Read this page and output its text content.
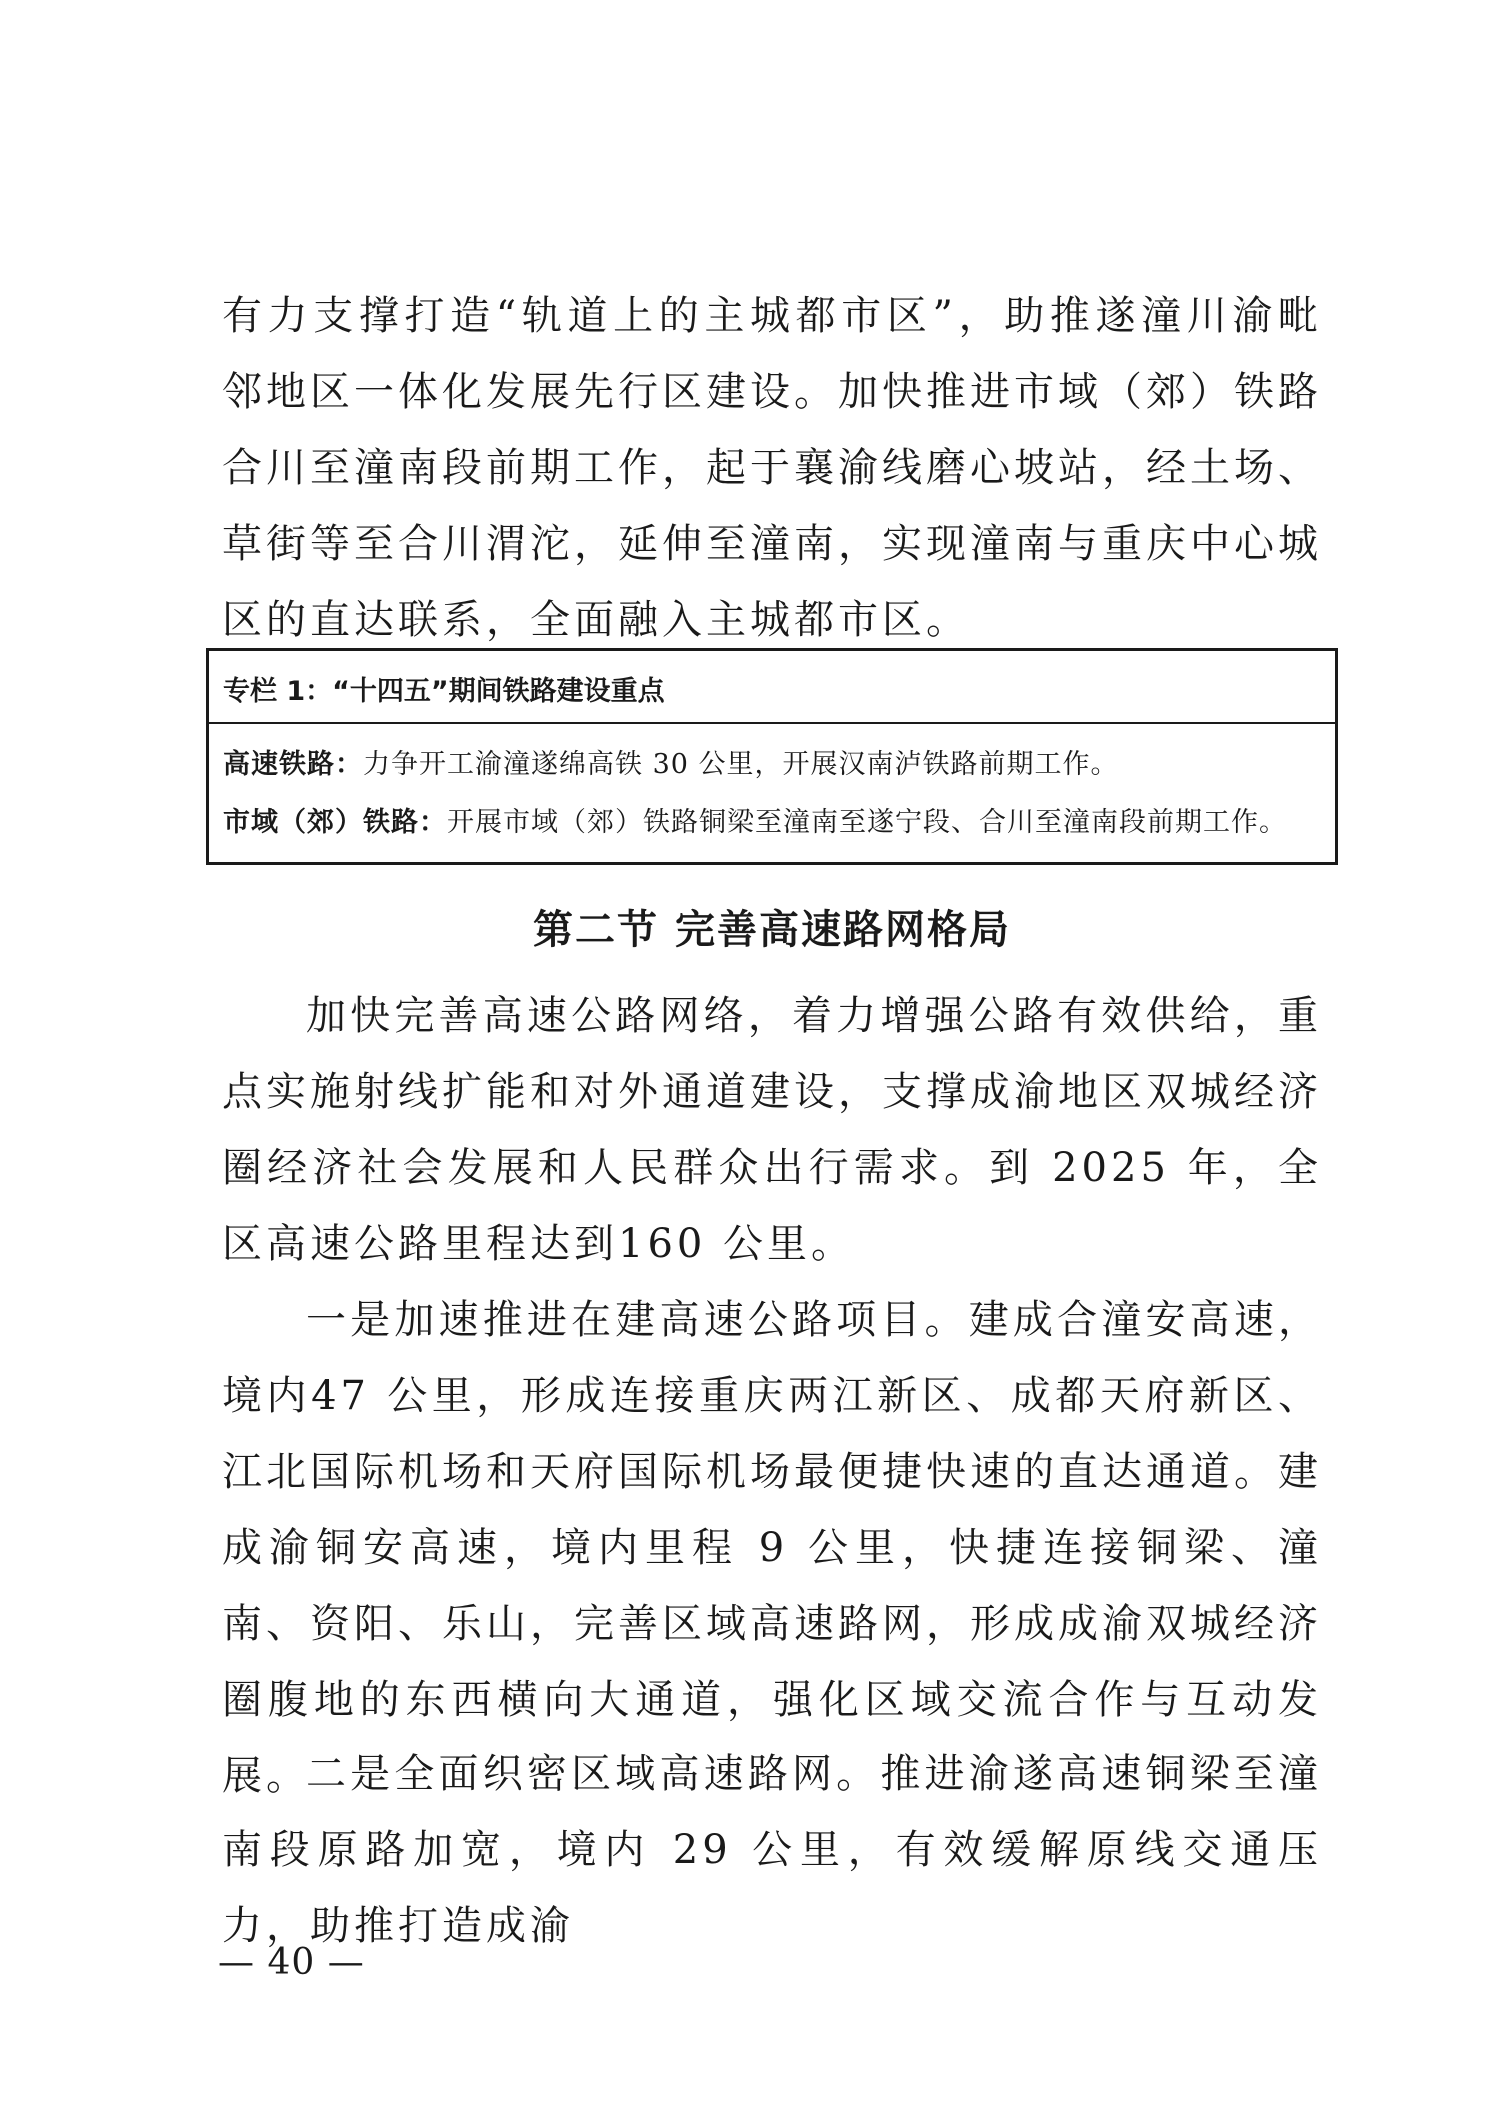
有力支撑打造“轨道上的主城都市区”，助推遂潼川渝毗邻地区一体化发展先行区建设。加快推进市域（郊）铁路合川至潼南段前期工作，起于襄渝线磨心坡站，经土场、草街等至合川渭沱，延伸至潼南，实现潼南与重庆中心城区的直达联系，全面融入主城都市区。

专栏 1：“十四五”期间铁路建设重点
高速铁路：力争开工渝潼遂绵高铁 30 公里，开展汉南泸铁路前期工作。
市域（郊）铁路：开展市域（郊）铁路铜梁至潼南至遂宁段、合川至潼南段前期工作。
第二节 完善高速路网格局

加快完善高速公路网络，着力增强公路有效供给，重点实施射线扩能和对外通道建设，支撑成渝地区双城经济圈经济社会发展和人民群众出行需求。到 2025 年，全区高速公路里程达到160 公里。

一是加速推进在建高速公路项目。建成合潼安高速，境内47 公里，形成连接重庆两江新区、成都天府新区、江北国际机场和天府国际机场最便捷快速的直达通道。建成渝铜安高速，境内里程 9 公里，快捷连接铜梁、潼南、资阳、乐山，完善区域高速路网，形成成渝双城经济圈腹地的东西横向大通道，强化区域交流合作与互动发展。

二是全面织密区域高速路网。推进渝遂高速铜梁至潼南段原路加宽，境内 29 公里，有效缓解原线交通压力，助推打造成渝

— 40 —
